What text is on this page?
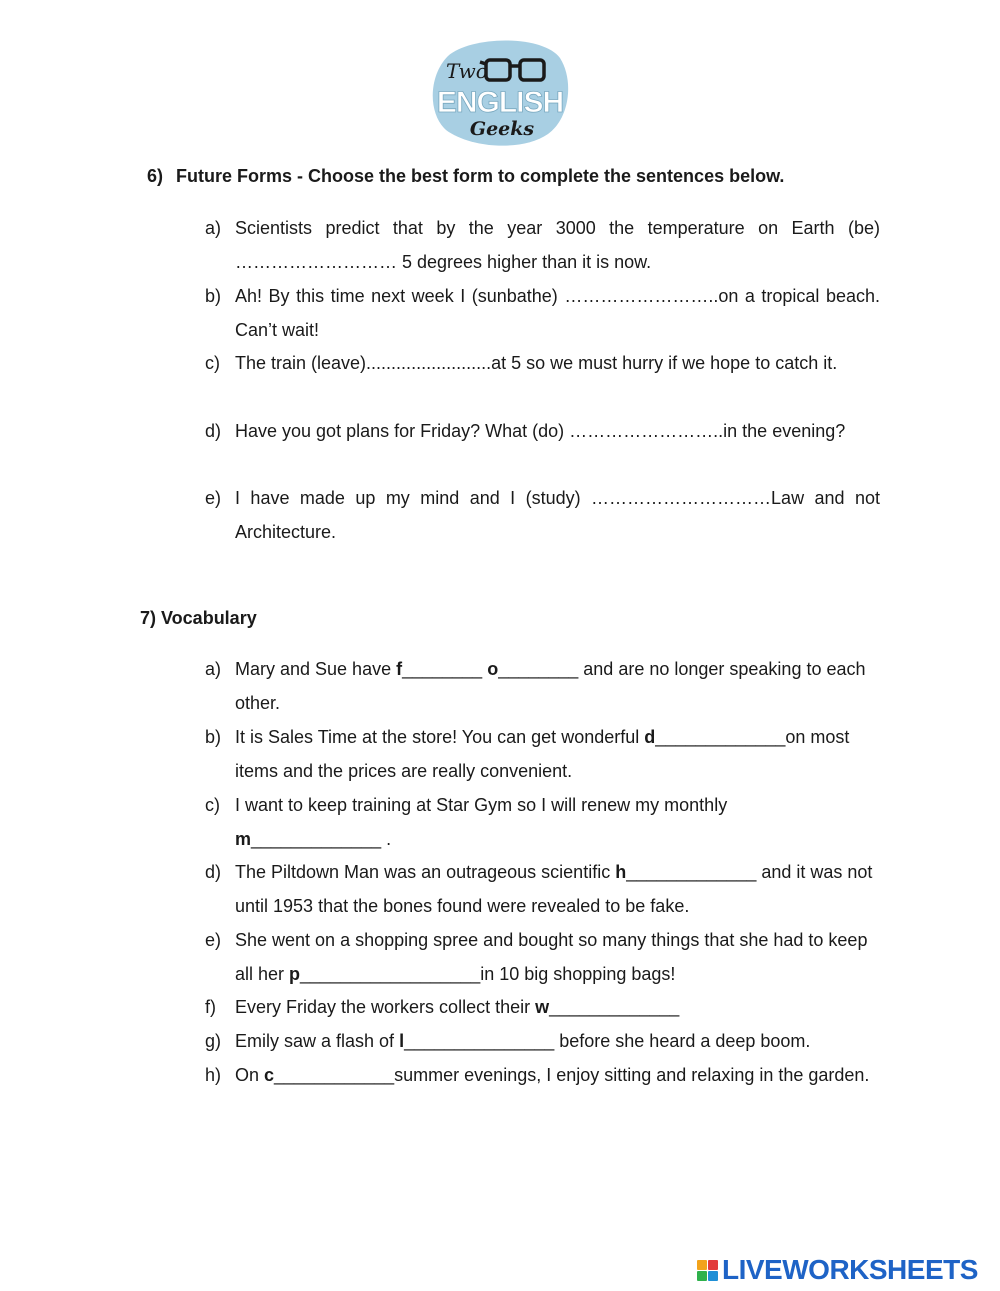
Two
ENGLISH
Geeks
6) Future Forms - Choose the best form to complete the sentences below.
a) Scientists predict that by the year 3000 the temperature on Earth (be) ……………………… 5 degrees higher than it is now.
b) Ah! By this time next week I (sunbathe) ……………………..on a tropical beach. Can’t wait!
c) The train (leave).........................at 5 so we must hurry if we hope to catch it.
d) Have you got plans for Friday? What (do) ……………………..in the evening?
e) I have made up my mind and I (study) …………………………Law and not Architecture.
7) Vocabulary
a) Mary and Sue have f________ o________ and are no longer speaking to each other.
b) It is Sales Time at the store! You can get wonderful d_____________on most items and the prices are really convenient.
c) I want to keep training at Star Gym so I will renew my monthly
m_____________ .
d) The Piltdown Man was an outrageous scientific h_____________ and it was not until 1953 that the bones found were revealed to be fake.
e) She went on a shopping spree and bought so many things that she had to keep all her p__________________in 10 big shopping bags!
f) Every Friday the workers collect their w_____________
g) Emily saw a flash of l_______________ before she heard a deep boom.
h) On c____________summer evenings, I enjoy sitting and relaxing in the garden.
LIVEWORKSHEETS
